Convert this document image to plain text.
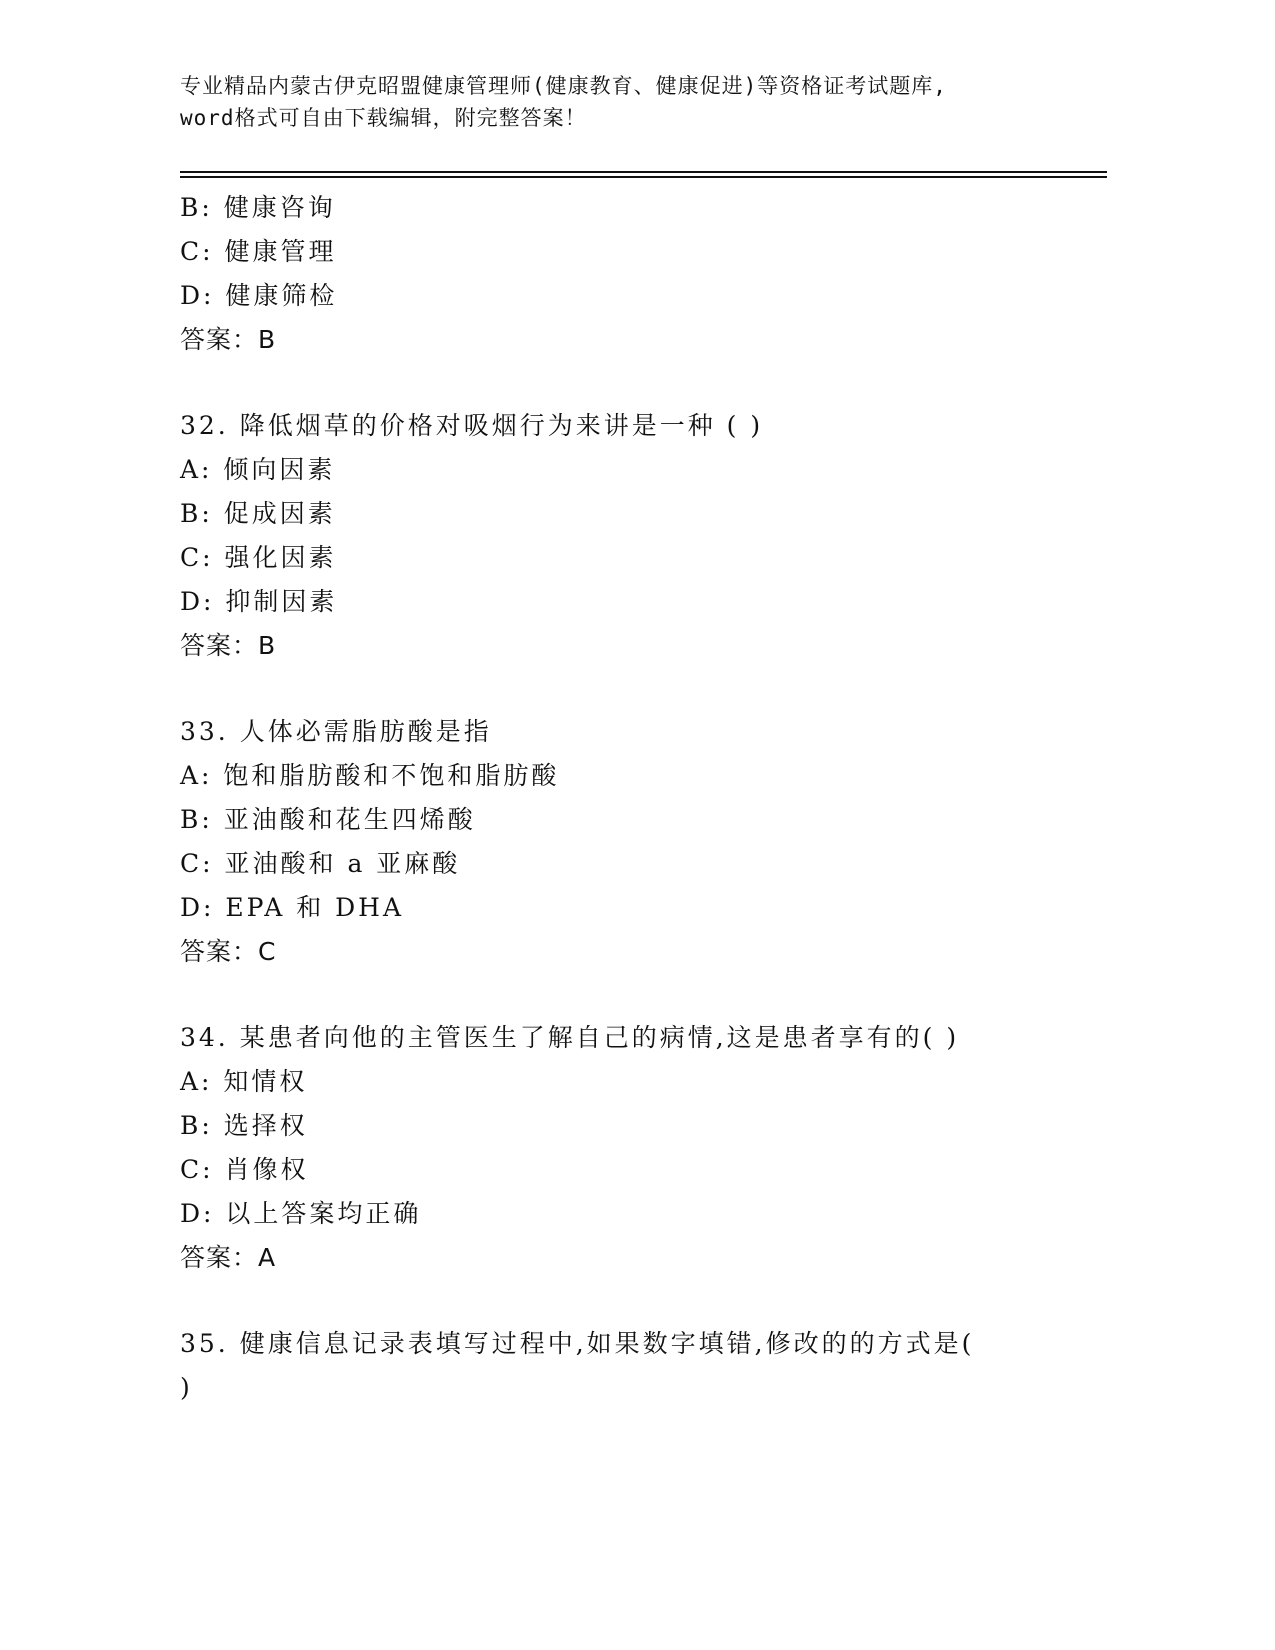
专业精品内蒙古伊克昭盟健康管理师(健康教育、健康促进)等资格证考试题库,
word格式可自由下载编辑，附完整答案！
B: 健康咨询
C: 健康管理
D: 健康筛检
答案：B
32. 降低烟草的价格对吸烟行为来讲是一种 ( )
A: 倾向因素
B: 促成因素
C: 强化因素
D: 抑制因素
答案：B
33. 人体必需脂肪酸是指
A: 饱和脂肪酸和不饱和脂肪酸
B: 亚油酸和花生四烯酸
C: 亚油酸和 a 亚麻酸
D: EPA 和 DHA
答案：C
34. 某患者向他的主管医生了解自己的病情,这是患者享有的( )
A: 知情权
B: 选择权
C: 肖像权
D: 以上答案均正确
答案：A
35. 健康信息记录表填写过程中,如果数字填错,修改的的方式是(
)
